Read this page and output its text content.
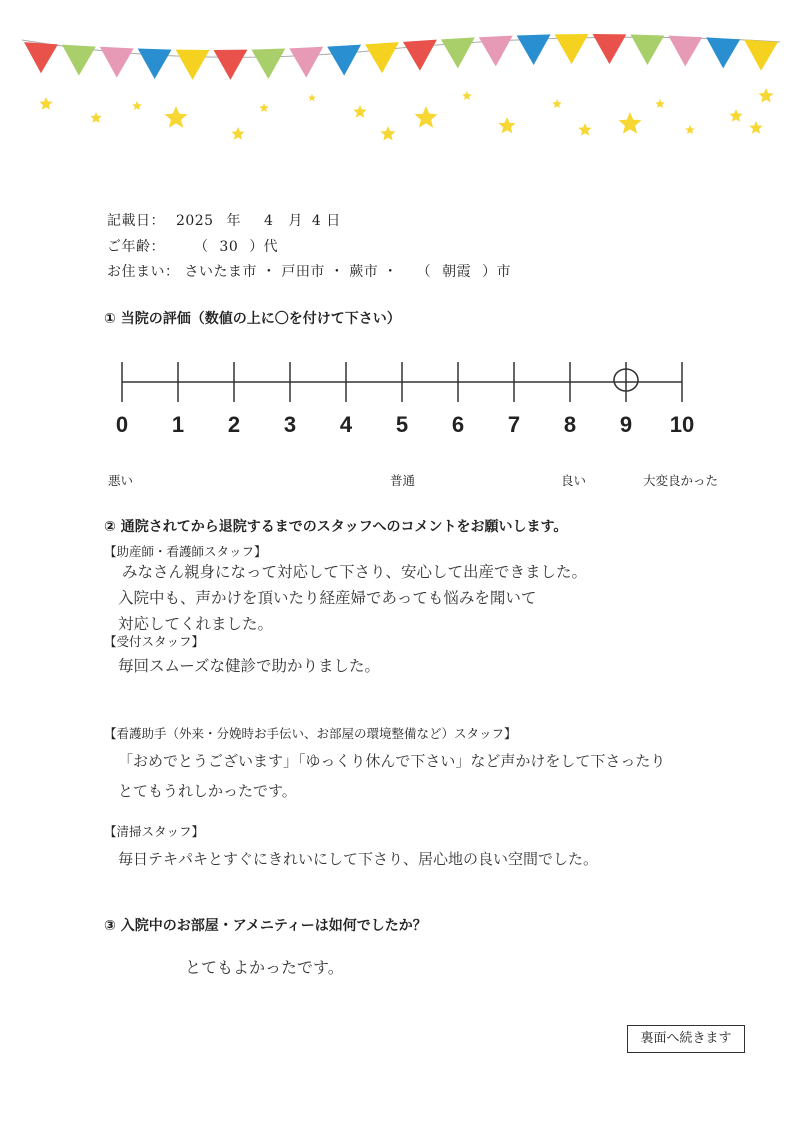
記載日： 2025 年 4 月 4 日
ご年齢： （ 30 ）代
お住まい： さいたま市 ・ 戸田市 ・ 蕨市 ・ （ 朝霞 ）市
① 当院の評価（数値の上に〇を付けて下さい）
0 1 2 3 4 5 6 7 8 9 10
悪い	普通	良い	大変良かった
② 通院されてから退院するまでのスタッフへのコメントをお願いします。
【助産師・看護師スタッフ】
みなさん親身になって対応して下さり、安心して出産できました。
入院中も、声かけを頂いたり経産婦であっても悩みを聞いて
対応してくれました。
【受付スタッフ】
毎回スムーズな健診で助かりました。
【看護助手（外来・分娩時お手伝い、お部屋の環境整備など）スタッフ】
「おめでとうございます」「ゆっくり休んで下さい」など声かけをして下さったり
とてもうれしかったです。
【清掃スタッフ】
毎日テキパキとすぐにきれいにして下さり、居心地の良い空間でした。
③ 入院中のお部屋・アメニティーは如何でしたか？
とてもよかったです。
裏面へ続きます
